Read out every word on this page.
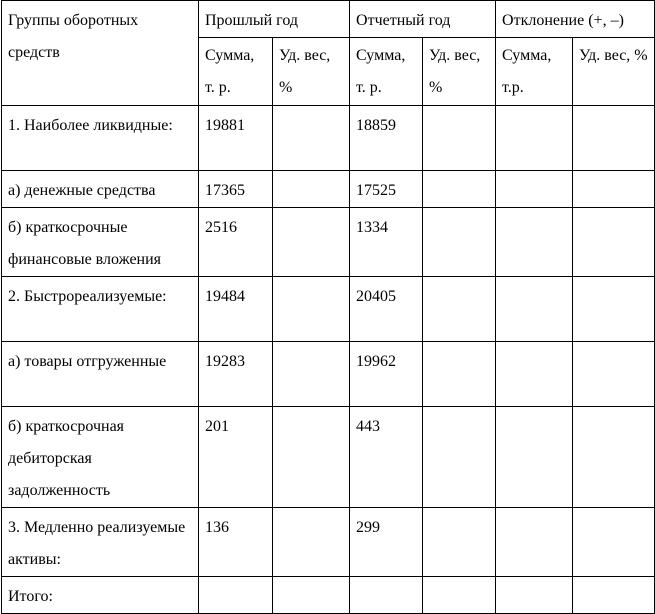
Группы оборотных средств	Прошлый год		Отчетный год		Отклонение (+, –)	
	Сумма, т. р.	Уд. вес, %	Сумма, т. р.	Уд. вес, %	Сумма, т.р.	Уд. вес, %
1. Наиболее ликвидные:	19881		18859			
а) денежные средства	17365		17525			
б) краткосрочные финансовые вложения	2516		1334			
2. Быстрореализуемые:	19484		20405			
а) товары отгруженные	19283		19962			
б) краткосрочная дебиторская задолженность	201		443			
3. Медленно реализуемые активы:	136		299			
Итого:						
